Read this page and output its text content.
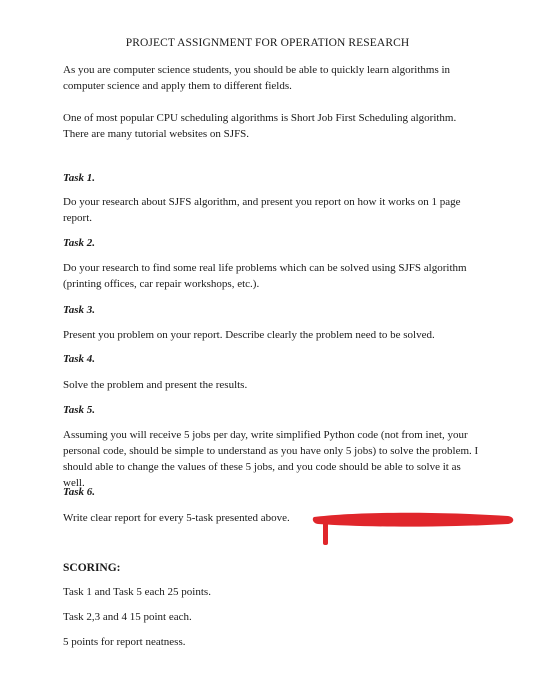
PROJECT ASSIGNMENT FOR OPERATION RESEARCH
As you are computer science students, you should be able to quickly learn algorithms in computer science and apply them to different fields.
One of most popular CPU scheduling algorithms is Short Job First Scheduling algorithm. There are many tutorial websites on SJFS.
Task 1.
Do your research about SJFS algorithm, and present you report on how it works on 1 page report.
Task 2.
Do your research to find some real life problems which can be solved using SJFS algorithm (printing offices, car repair workshops, etc.).
Task 3.
Present you problem on your report. Describe clearly the problem need to be solved.
Task 4.
Solve the problem and present the results.
Task 5.
Assuming you will receive 5 jobs per day, write simplified Python code (not from inet, your personal code, should be simple to understand as you have only 5 jobs) to solve the problem. I should able to change the values of these 5 jobs, and you code should be able to solve it as well.
Task 6.
Write clear report for every 5-task presented above.
SCORING:
Task 1 and Task 5 each 25 points.
Task 2,3 and 4 15 point each.
5 points for report neatness.
